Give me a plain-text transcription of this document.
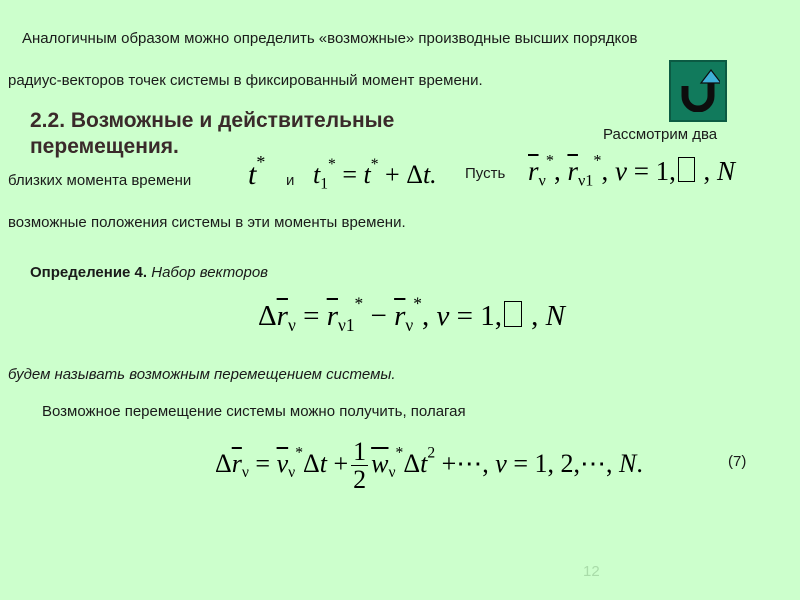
Аналогичным образом можно определить «возможные» производные высших порядков
радиус-векторов точек системы в фиксированный момент времени.
2.2. Возможные и действительные перемещения.
Рассмотрим два
близких момента времени t*
и $t_1^* = t^* + \Delta t$. Пусть $\overline{r}_\nu^*$, $\overline{r}_{\nu 1}^*$, ν = 1, , N
возможные положения системы в эти моменты времени.
Определение 4. Набор векторов
$\Delta\overline{r}_\nu = \overline{r}_{\nu 1}^* - \overline{r}_\nu^*$, ν = 1, , N
будем называть возможным перемещением системы.
Возможное перемещение системы можно получить, полагая
$\Delta\overline{r}_\nu = \overline{v}_\nu^*\Delta t + \frac{1}{2} \overline{w}_\nu^*\Delta t^2$ +⋯, ν = 1, 2,⋯, N.	(7)
12
